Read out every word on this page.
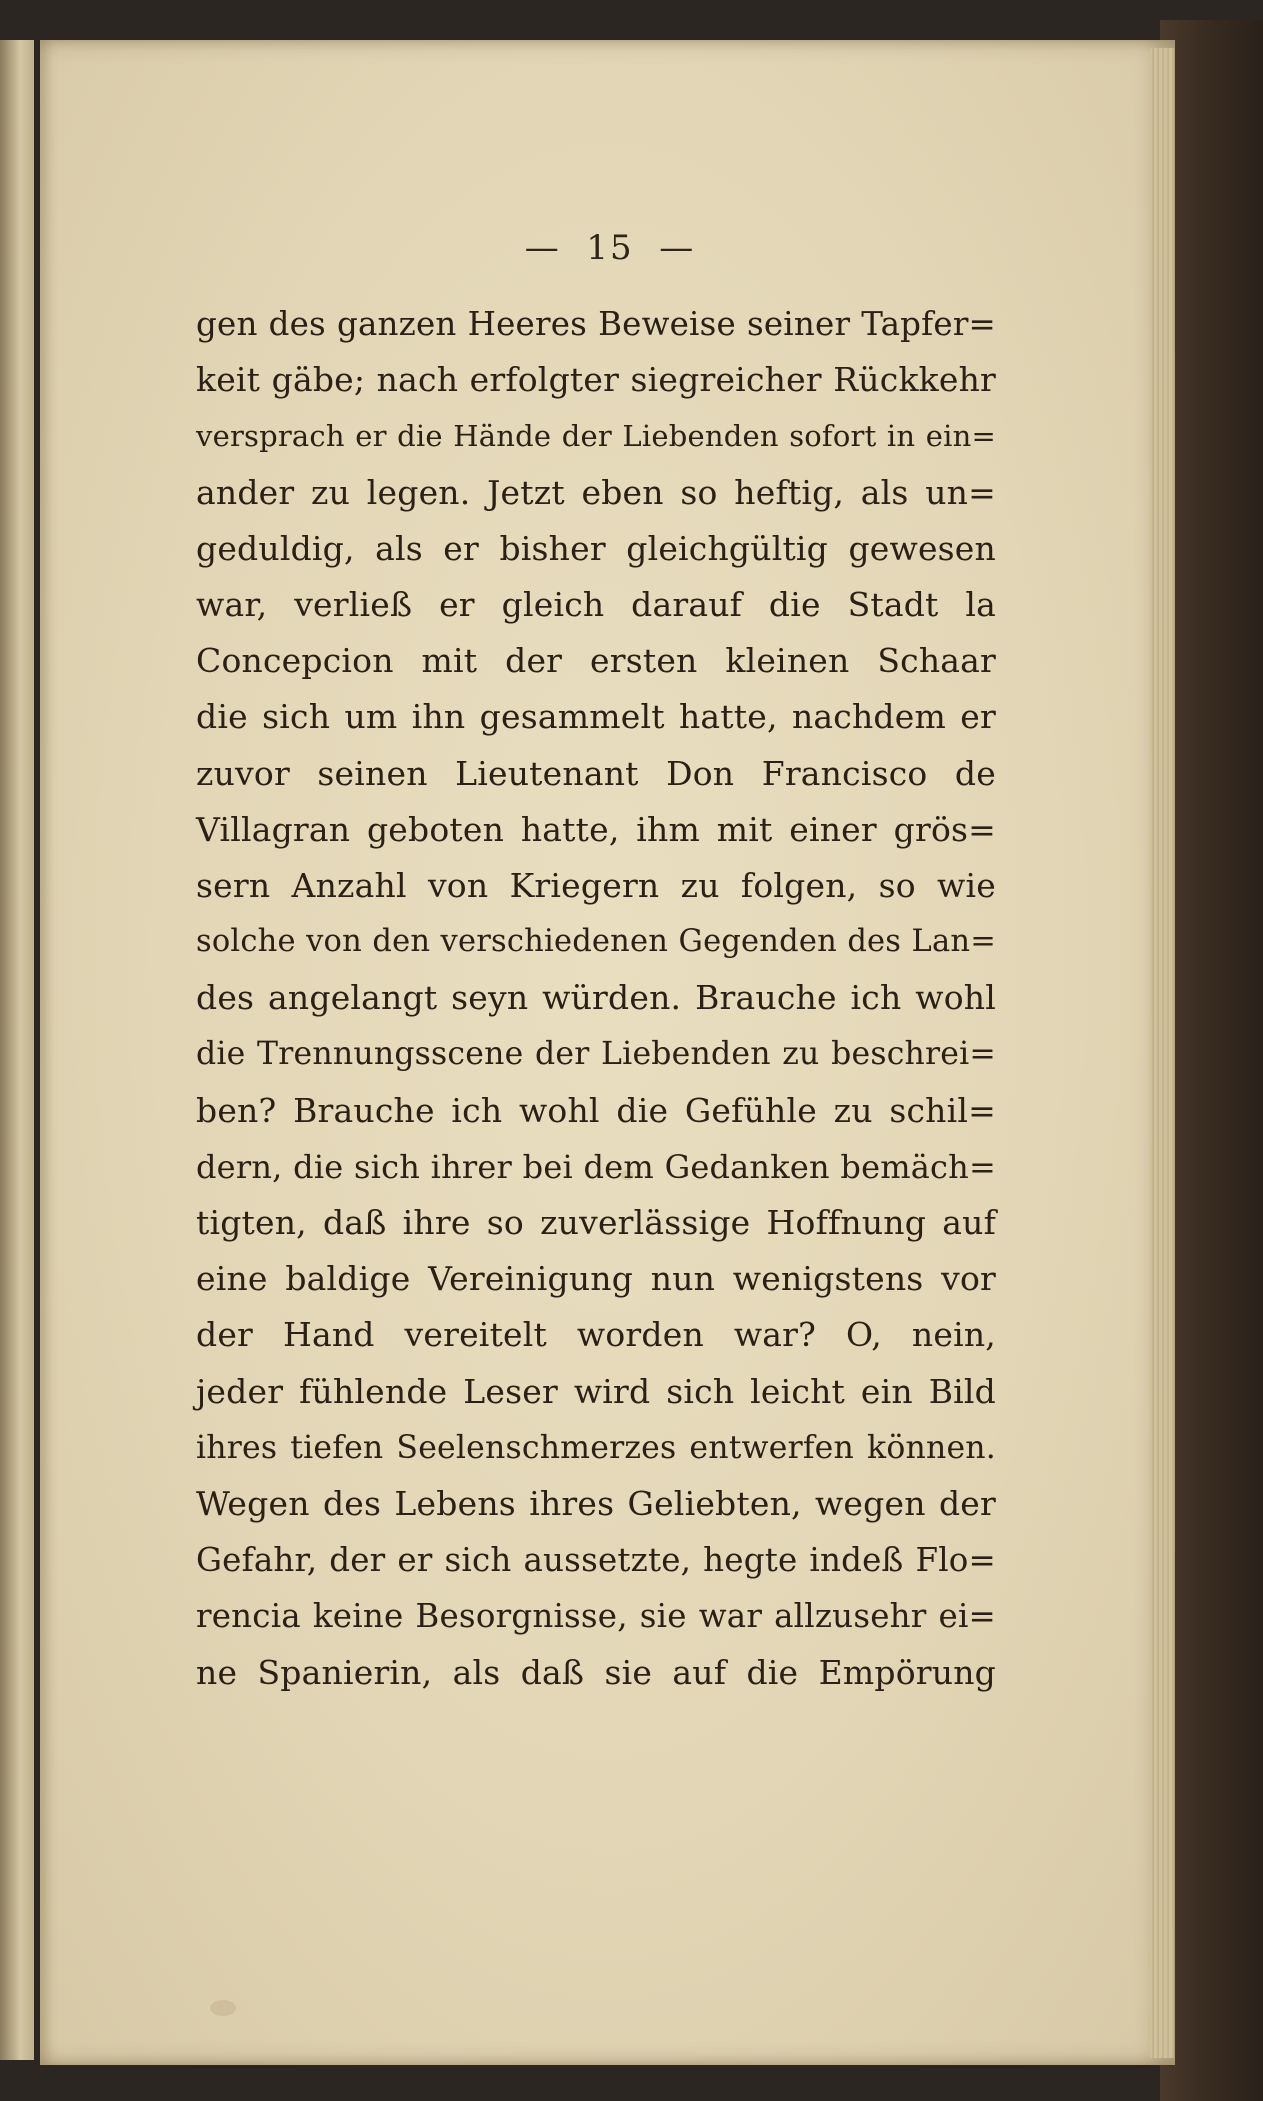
—  15  —
gen des ganzen Heeres Beweise seiner Tapfer=
keit gäbe; nach erfolgter siegreicher Rückkehr
versprach er die Hände der Liebenden sofort in ein=
ander zu legen. Jetzt eben so heftig, als un=
geduldig, als er bisher gleichgültig gewesen
war, verließ er gleich darauf die Stadt la
Concepcion mit der ersten kleinen Schaar
die sich um ihn gesammelt hatte, nachdem er
zuvor seinen Lieutenant Don Francisco de
Villagran geboten hatte, ihm mit einer grös=
sern Anzahl von Kriegern zu folgen, so wie
solche von den verschiedenen Gegenden des Lan=
des angelangt seyn würden. Brauche ich wohl
die Trennungsscene der Liebenden zu beschrei=
ben? Brauche ich wohl die Gefühle zu schil=
dern, die sich ihrer bei dem Gedanken bemäch=
tigten, daß ihre so zuverlässige Hoffnung auf
eine baldige Vereinigung nun wenigstens vor
der Hand vereitelt worden war? O, nein,
jeder fühlende Leser wird sich leicht ein Bild
ihres tiefen Seelenschmerzes entwerfen können.
Wegen des Lebens ihres Geliebten, wegen der
Gefahr, der er sich aussetzte, hegte indeß Flo=
rencia keine Besorgnisse, sie war allzusehr ei=
ne Spanierin, als daß sie auf die Empörung
